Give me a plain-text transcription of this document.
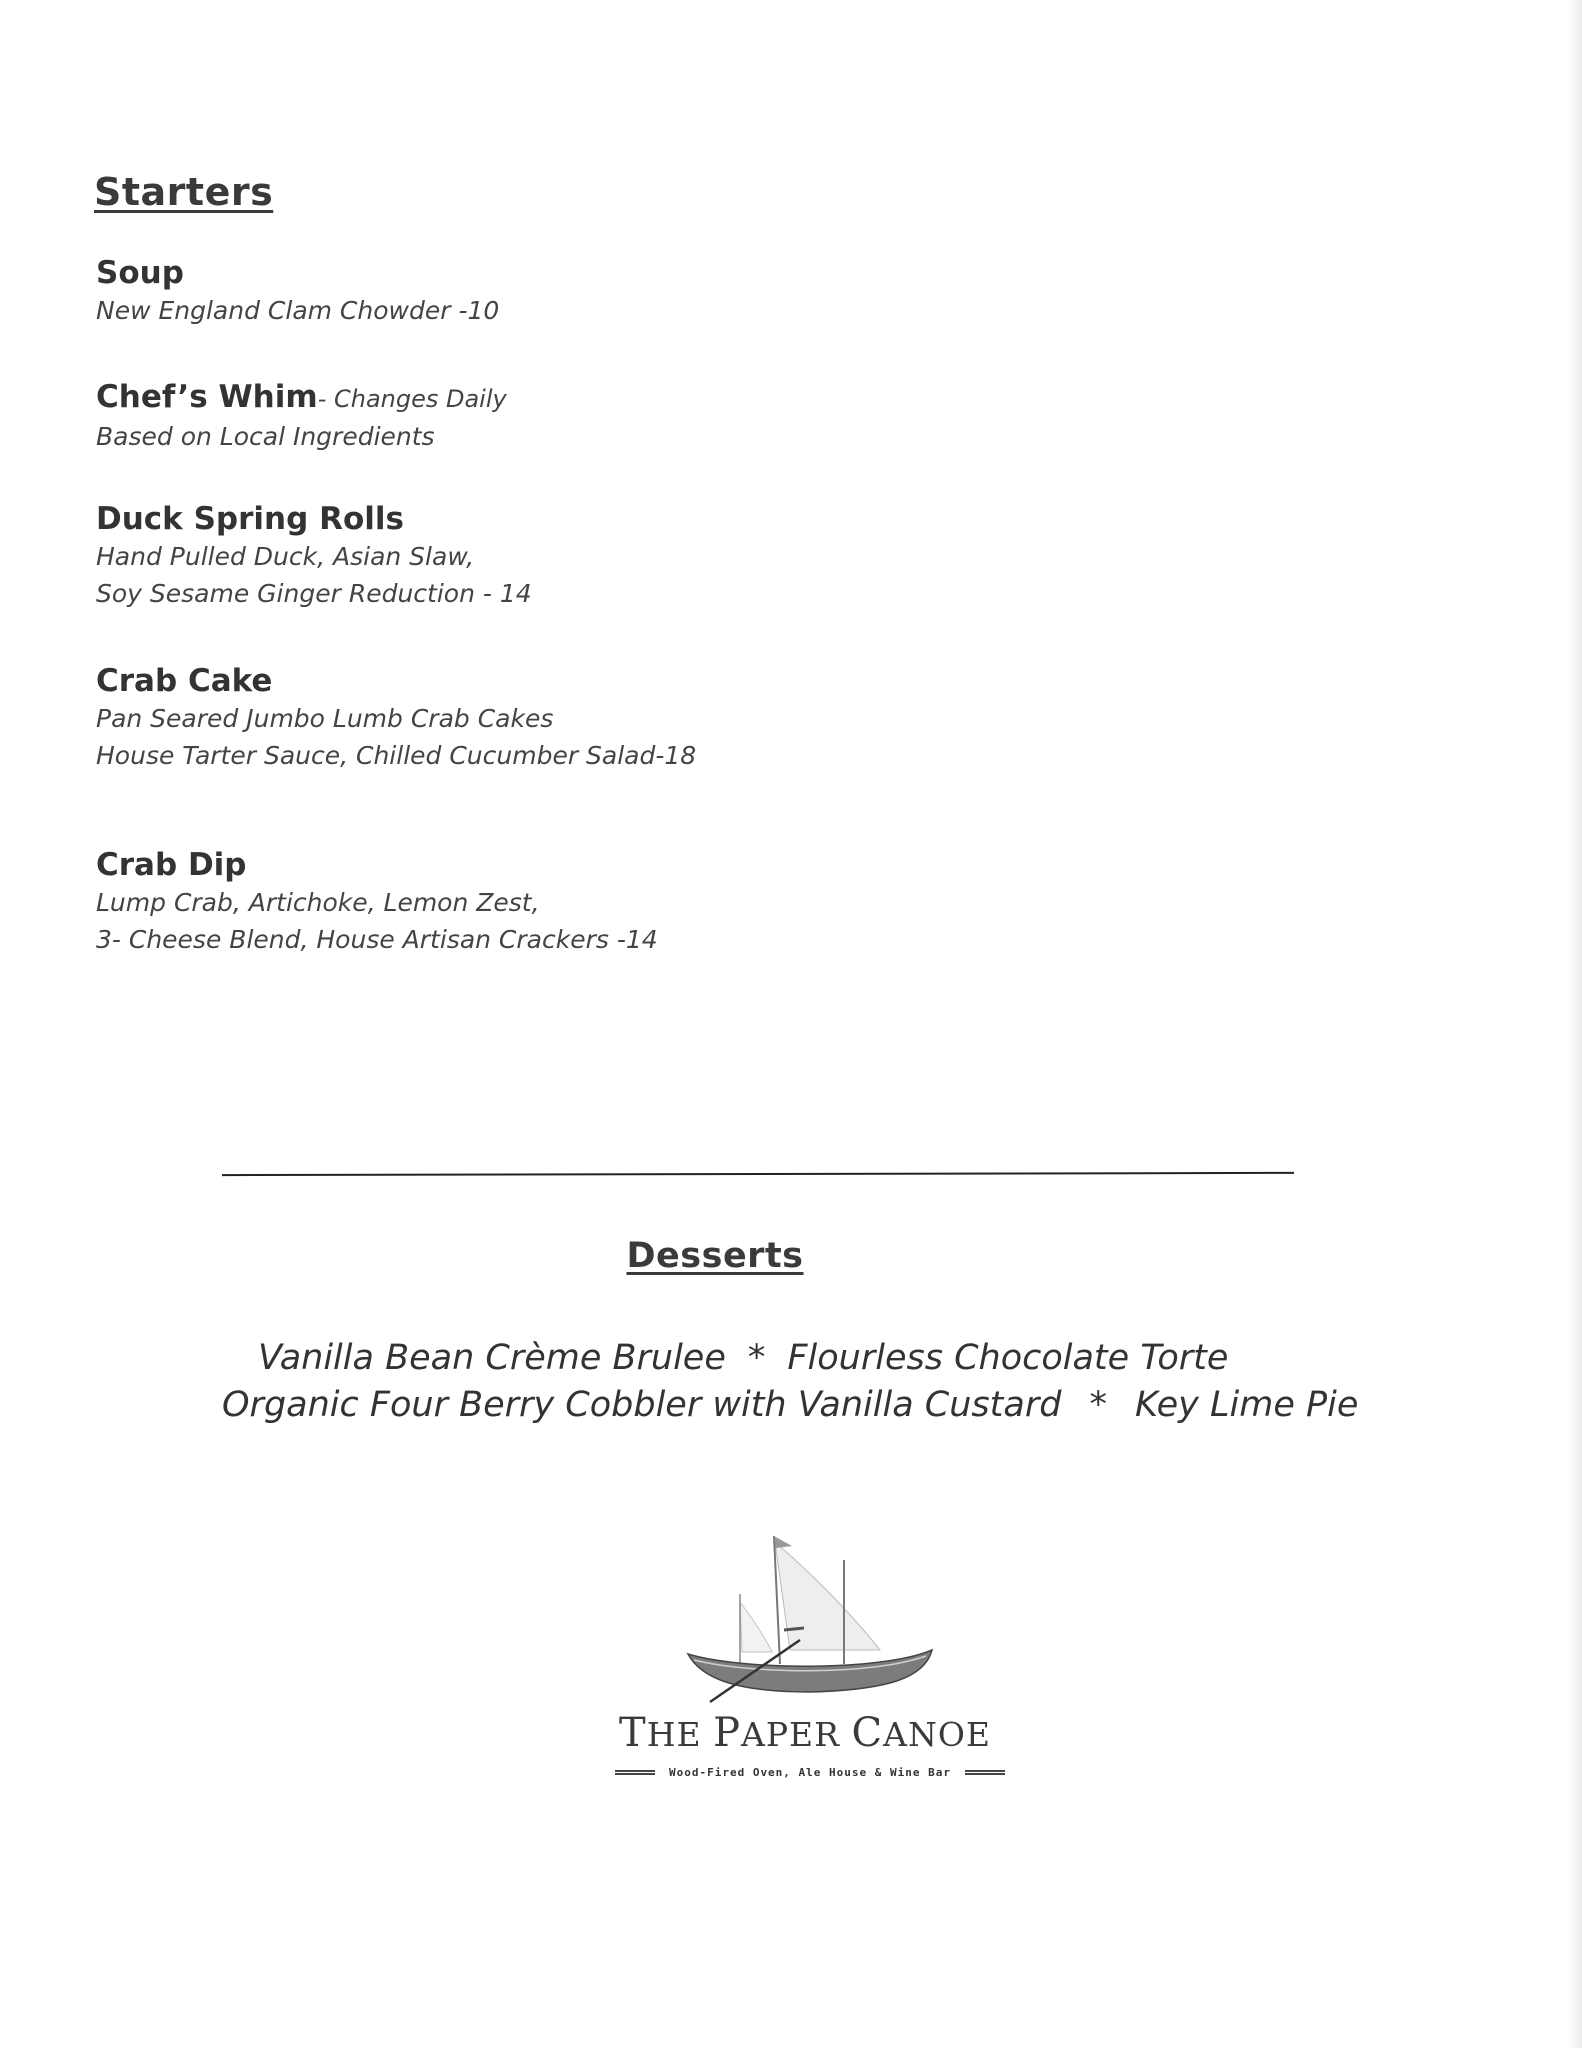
Starters
Soup
New England Clam Chowder -10
Chef’s Whim- Changes Daily
Based on Local Ingredients
Duck Spring Rolls
Hand Pulled Duck, Asian Slaw,
Soy Sesame Ginger Reduction - 14
Crab Cake
Pan Seared Jumbo Lumb Crab Cakes
House Tarter Sauce, Chilled Cucumber Salad-18
Crab Dip
Lump Crab, Artichoke, Lemon Zest,
3- Cheese Blend, House Artisan Crackers -14
Desserts
Vanilla Bean Crème Brulee * Flourless Chocolate Torte
Organic Four Berry Cobbler with Vanilla Custard * Key Lime Pie
THE PAPER CANOE
Wood-Fired Oven, Ale House & Wine Bar
